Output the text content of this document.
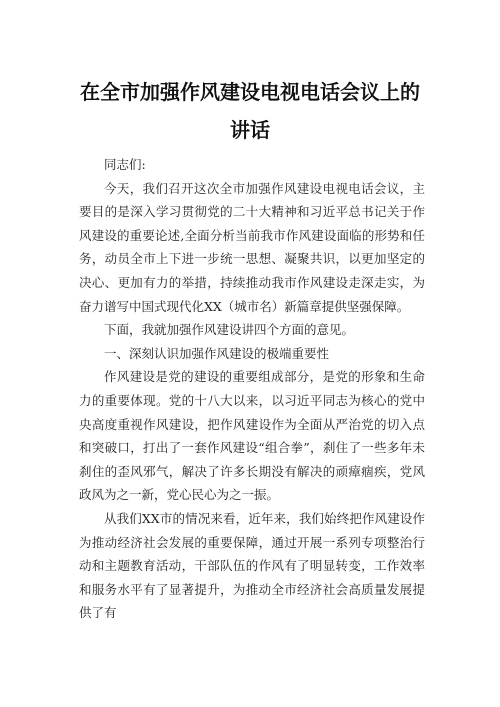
在全市加强作风建设电视电话会议上的
讲话

同志们:

今天，我们召开这次全市加强作风建设电视电话会议，主要目的是深入学习贯彻党的二十大精神和习近平总书记关于作风建设的重要论述,全面分析当前我市作风建设面临的形势和任务，动员全市上下进一步统一思想、凝聚共识，以更加坚定的决心、更加有力的举措，持续推动我市作风建设走深走实，为奋力谱写中国式现代化XX（城市名）新篇章提供坚强保障。

下面，我就加强作风建设讲四个方面的意见。

一、深刻认识加强作风建设的极端重要性

作风建设是党的建设的重要组成部分，是党的形象和生命力的重要体现。党的十八大以来，以习近平同志为核心的党中央高度重视作风建设，把作风建设作为全面从严治党的切入点和突破口，打出了一套作风建设“组合拳”，刹住了一些多年未刹住的歪风邪气，解决了许多长期没有解决的顽瘴痼疾，党风政风为之一新，党心民心为之一振。

从我们XX市的情况来看，近年来，我们始终把作风建设作为推动经济社会发展的重要保障，通过开展一系列专项整治行动和主题教育活动，干部队伍的作风有了明显转变，工作效率和服务水平有了显著提升，为推动全市经济社会高质量发展提供了有
